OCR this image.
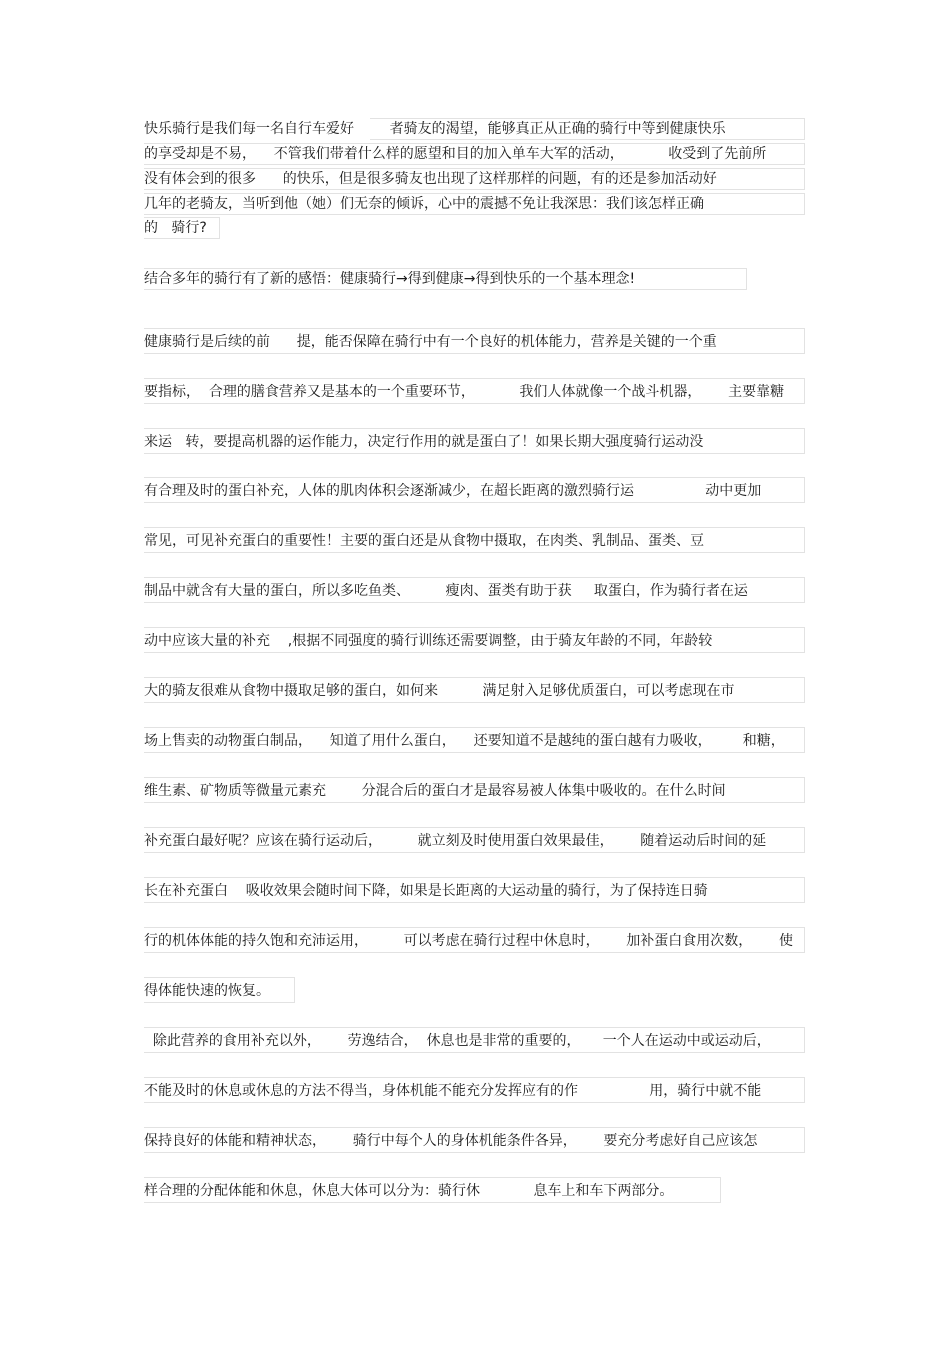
快乐骑行是我们每一名自行车爱好        者骑友的渴望，能够真正从正确的骑行中等到健康快乐
的享受却是不易，    不管我们带着什么样的愿望和目的加入单车大军的活动，          收受到了先前所
没有体会到的很多      的快乐，但是很多骑友也出现了这样那样的问题，有的还是参加活动好
几年的老骑友，当听到他（她）们无奈的倾诉，心中的震撼不免让我深思：我们该怎样正确
的   骑行?
结合多年的骑行有了新的感悟：健康骑行→得到健康→得到快乐的一个基本理念!
健康骑行是后续的前      提，能否保障在骑行中有一个良好的机体能力，营养是关键的一个重
要指标，  合理的膳食营养又是基本的一个重要环节，          我们人体就像一个战斗机器，      主要靠糖
来运   转，要提高机器的运作能力，决定行作用的就是蛋白了！如果长期大强度骑行运动没
有合理及时的蛋白补充，人体的肌肉体积会逐渐减少，在超长距离的激烈骑行运                动中更加
常见，可见补充蛋白的重要性！主要的蛋白还是从食物中摄取，在肉类、乳制品、蛋类、豆
制品中就含有大量的蛋白，所以多吃鱼类、        瘦肉、蛋类有助于获     取蛋白，作为骑行者在运
动中应该大量的补充    ,根据不同强度的骑行训练还需要调整，由于骑友年龄的不同，年龄较
大的骑友很难从食物中摄取足够的蛋白，如何来          满足射入足够优质蛋白，可以考虑现在市
场上售卖的动物蛋白制品，    知道了用什么蛋白，    还要知道不是越纯的蛋白越有力吸收，       和糖，
维生素、矿物质等微量元素充        分混合后的蛋白才是最容易被人体集中吸收的。在什么时间
补充蛋白最好呢？应该在骑行运动后，        就立刻及时使用蛋白效果最佳，      随着运动后时间的延
长在补充蛋白    吸收效果会随时间下降，如果是长距离的大运动量的骑行，为了保持连日骑
行的机体体能的持久饱和充沛运用，        可以考虑在骑行过程中休息时，      加补蛋白食用次数，      使
得体能快速的恢复。
除此营养的食用补充以外，      劳逸结合，  休息也是非常的重要的，     一个人在运动中或运动后，
不能及时的休息或休息的方法不得当，身体机能不能充分发挥应有的作                用，骑行中就不能
保持良好的体能和精神状态，      骑行中每个人的身体机能条件各异，      要充分考虑好自己应该怎
样合理的分配体能和休息，休息大体可以分为：骑行休            息车上和车下两部分。
